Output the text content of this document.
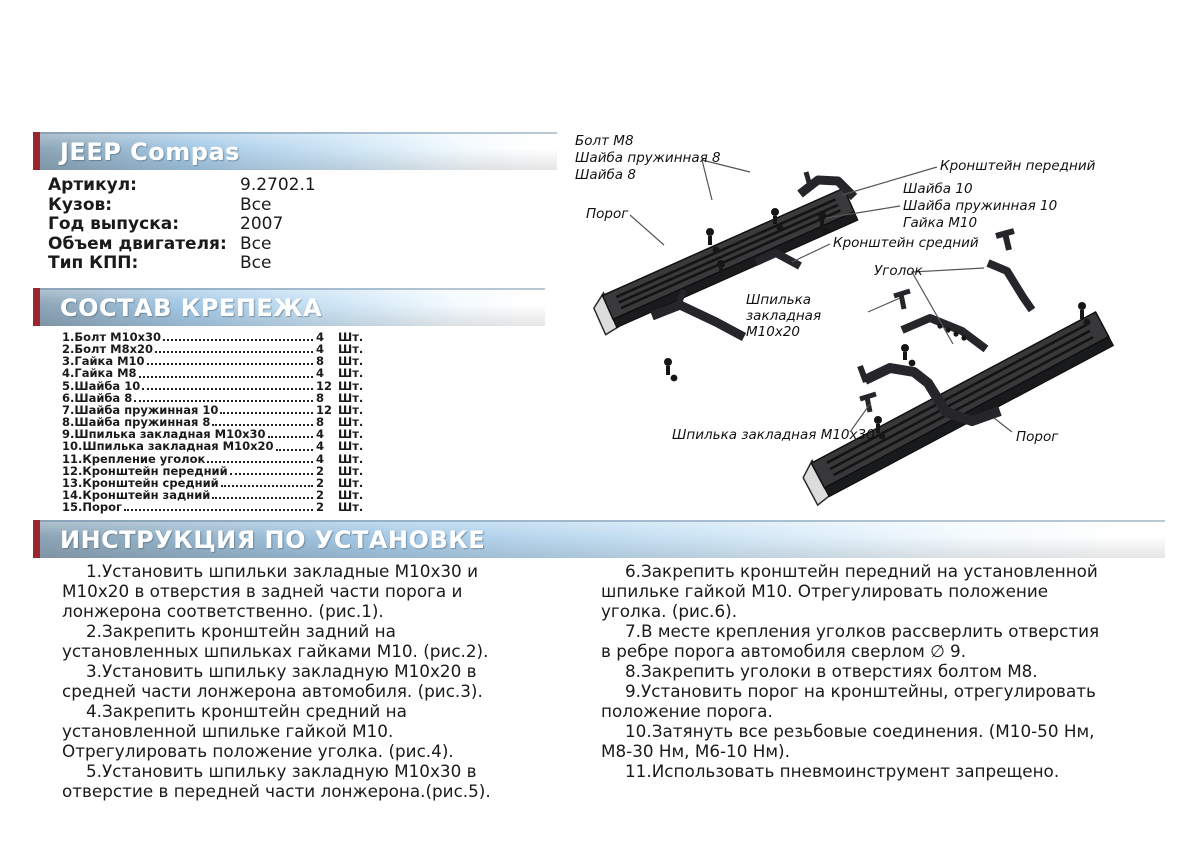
JEEP Compas
Артикул:	9.2702.1
Кузов:	Все
Год выпуска:	2007
Объем двигателя: Все
Тип КПП:	Все
СОСТАВ КРЕПЕЖА
1.Болт М10х30	4	Шт.
2.Болт М8х20	4	Шт.
3.Гайка М10	8	Шт.
4.Гайка М8	4	Шт.
5.Шайба 10	12 Шт.
6.Шайба 8	8	Шт.
7.Шайба пружинная 10	12 Шт.
8.Шайба пружинная 8	8	Шт.
9.Шпилька закладная М10х30	4	Шт.
10.Шпилька закладная М10х20	4	Шт.
11.Крепление уголок	4	Шт.
12.Кронштейн передний	2	Шт.
13.Кронштейн средний	2	Шт.
14.Кронштейн задний	2	Шт.
15.Порог	2	Шт.
ИНСТРУКЦИЯ ПО УСТАНОВКЕ

1.Установить шпильки закладные М10х30 и М10х20 в отверстия в задней части порога и лонжерона соответственно. (рис.1).

2.Закрепить кронштейн задний на установленных шпильках гайками М10. (рис.2).

3.Установить шпильку закладную М10х20 в средней части лонжерона автомобиля. (рис.3).

4.Закрепить кронштейн средний на установленной шпильке гайкой М10. Отрегулировать положение уголка. (рис.4).

5.Установить шпильку закладную М10х30 в отверстие в передней части лонжерона.(рис.5).

6.Закрепить кронштейн передний на установленной шпильке гайкой М10. Отрегулировать положение уголка. (рис.6).

7.В месте крепления уголков рассверлить отверстия в ребре порога автомобиля сверлом ∅ 9.

8.Закрепить уголоки в отверстиях болтом М8.

9.Установить порог на кронштейны, отрегулировать положение порога.

10.Затянуть все резьбовые соединения. (М10-50 Нм, М8-30 Нм, М6-10 Нм).

11.Использовать пневмоинструмент запрещено.

Болт М8
Шайба пружинная 8
Шайба 8
Порог
Кронштейн передний
Шайба 10
Шайба пружинная 10
Гайка М10
Кронштейн средний
Уголок
Шпилька закладная М10х20
Шпилька закладная М10х30	Порог
